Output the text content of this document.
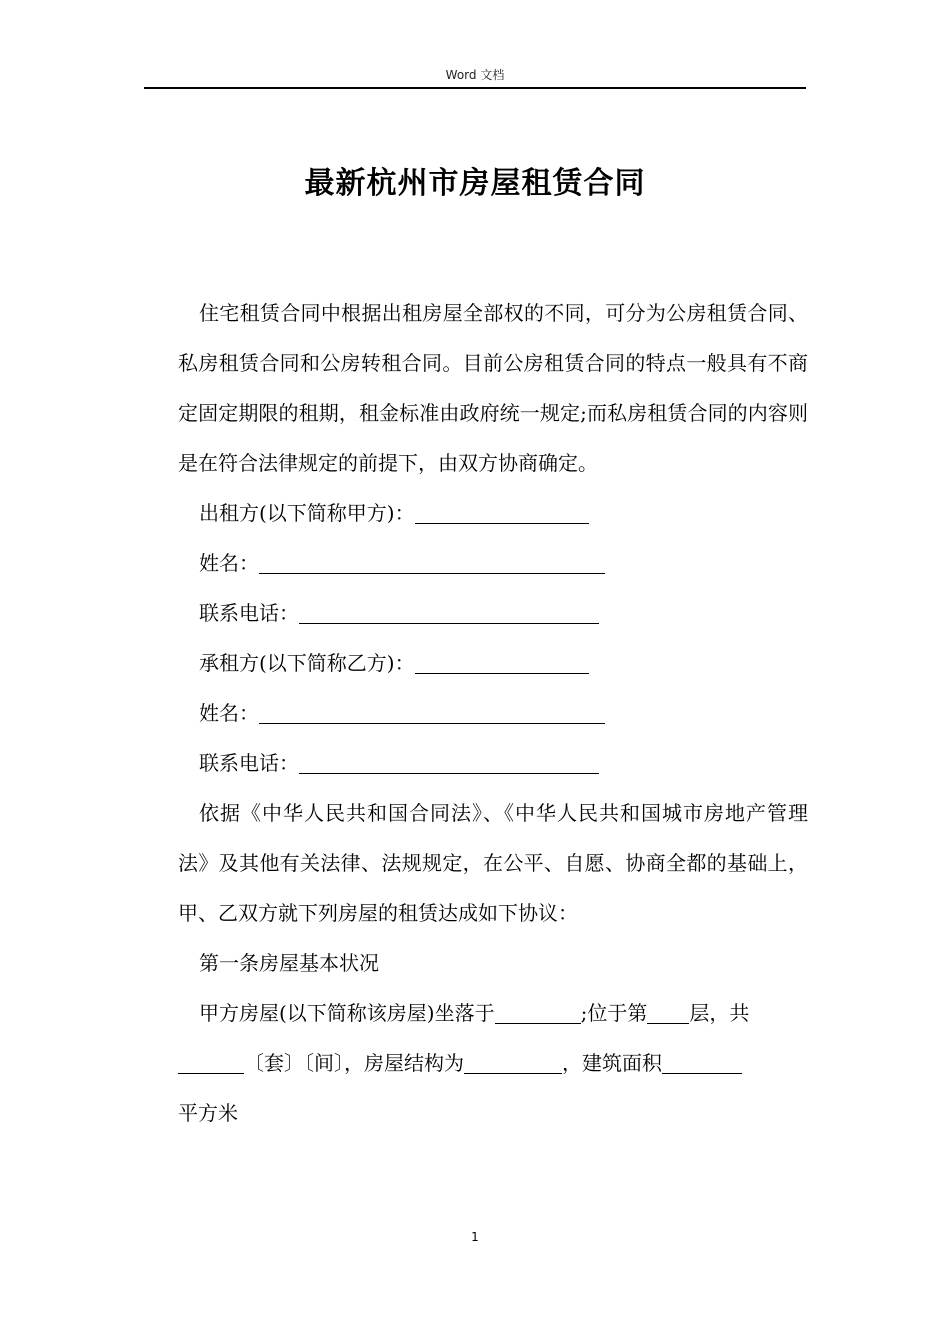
Word 文档
最新杭州市房屋租赁合同

住宅租赁合同中根据出租房屋全部权的不同，可分为公房租赁合同、私房租赁合同和公房转租合同。目前公房租赁合同的特点一般具有不商定固定期限的租期，租金标准由政府统一规定;而私房租赁合同的内容则是在符合法律规定的前提下，由双方协商确定。

出租方(以下简称甲方)：

姓名：

联系电话：

承租方(以下简称乙方)：

姓名：

联系电话：

依据《中华人民共和国合同法》、《中华人民共和国城市房地产管理法》及其他有关法律、法规规定，在公平、自愿、协商全都的基础上，甲、乙双方就下列房屋的租赁达成如下协议：

第一条房屋基本状况

甲方房屋(以下简称该房屋)坐落于	;位于第 层，共
〔套〕〔间〕，房屋结构为	，建筑面积
平方米

1
